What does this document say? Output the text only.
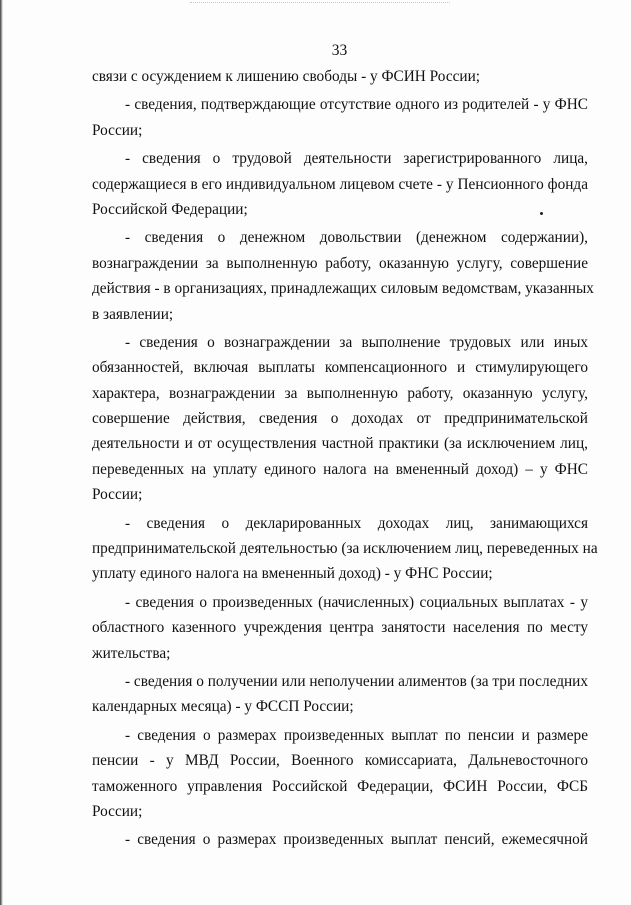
33
связи с осуждением к лишению свободы - у ФСИН России;
- сведения, подтверждающие отсутствие одного из родителей - у ФНС
России;
- сведения о трудовой деятельности зарегистрированного лица,
содержащиеся в его индивидуальном лицевом счете - у Пенсионного фонда
Российской Федерации;
- сведения о денежном довольствии (денежном содержании),
вознаграждении за выполненную работу, оказанную услугу, совершение
действия - в организациях, принадлежащих силовым ведомствам, указанных
в заявлении;
- сведения о вознаграждении за выполнение трудовых или иных
обязанностей, включая выплаты компенсационного и стимулирующего
характера, вознаграждении за выполненную работу, оказанную услугу,
совершение действия, сведения о доходах от предпринимательской
деятельности и от осуществления частной практики (за исключением лиц,
переведенных на уплату единого налога на вмененный доход) – у ФНС
России;
- сведения о декларированных доходах лиц, занимающихся
предпринимательской деятельностью (за исключением лиц, переведенных на
уплату единого налога на вмененный доход) - у ФНС России;
- сведения о произведенных (начисленных) социальных выплатах - у
областного казенного учреждения центра занятости населения по месту
жительства;
- сведения о получении или неполучении алиментов (за три последних
календарных месяца) - у ФССП России;
- сведения о размерах произведенных выплат по пенсии и размере
пенсии - у МВД России, Военного комиссариата, Дальневосточного
таможенного управления Российской Федерации, ФСИН России, ФСБ
России;
- сведения о размерах произведенных выплат пенсий, ежемесячной
